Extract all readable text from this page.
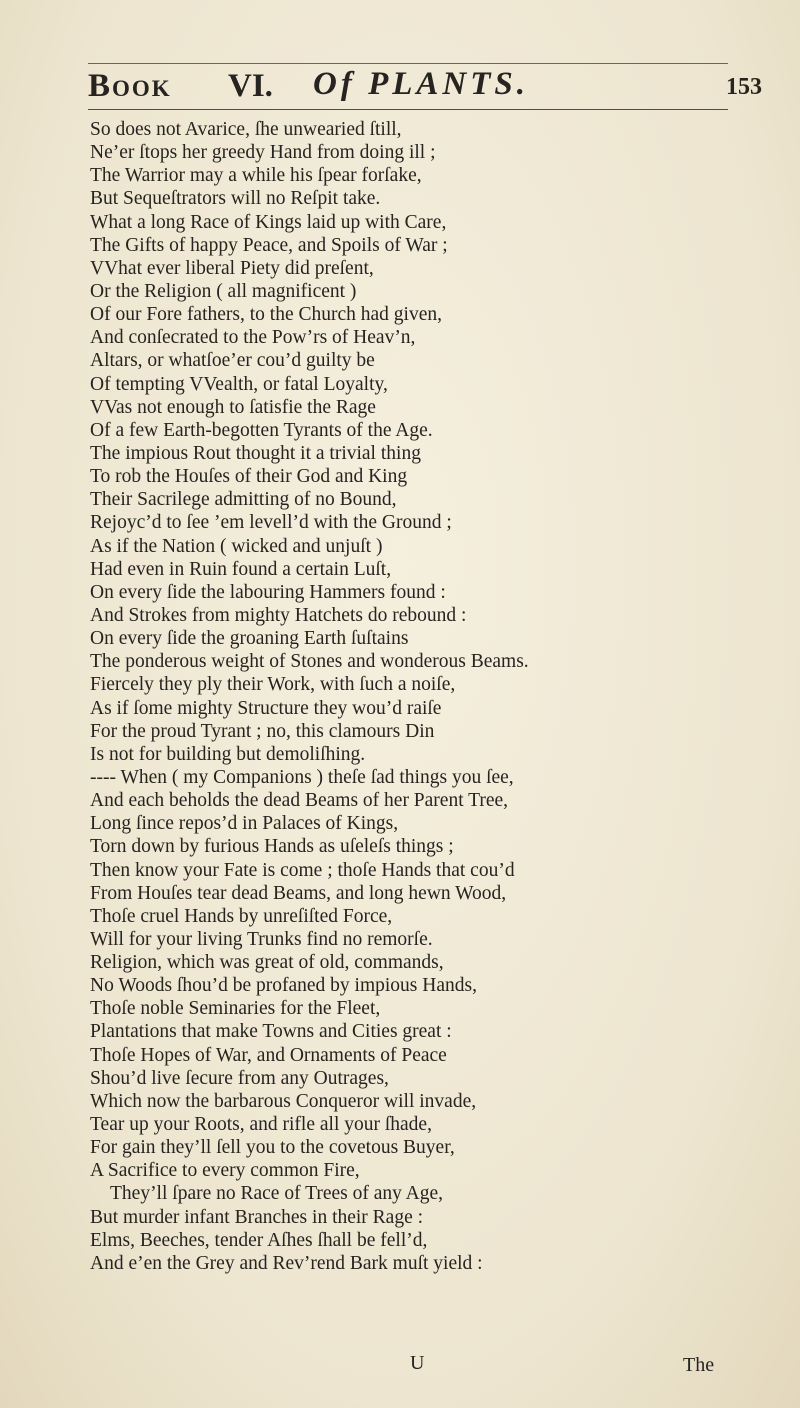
Book VI. Of PLANTS.	153
So does not Avarice, ſhe unwearied ſtill,
Ne’er ſtops her greedy Hand from doing ill ;
The Warrior may a while his ſpear forſake,
But Sequeſtrators will no Reſpit take.
What a long Race of Kings laid up with Care,
The Gifts of happy Peace, and Spoils of War ;
VVhat ever liberal Piety did preſent,
Or the Religion ( all magnificent )
Of our Fore fathers, to the Church had given,
And conſecrated to the Pow’rs of Heav’n,
Altars, or whatſoe’er cou’d guilty be
Of tempting VVealth, or fatal Loyalty,
VVas not enough to ſatisfie the Rage
Of a few Earth-begotten Tyrants of the Age.
The impious Rout thought it a trivial thing
To rob the Houſes of their God and King
Their Sacrilege admitting of no Bound,
Rejoyc’d to ſee ’em levell’d with the Ground ;
As if the Nation ( wicked and unjuſt )
Had even in Ruin found a certain Luſt,
On every ſide the labouring Hammers found :
And Strokes from mighty Hatchets do rebound :
On every ſide the groaning Earth ſuſtains
The ponderous weight of Stones and wonderous Beams.
Fiercely they ply their Work, with ſuch a noiſe,
As if ſome mighty Structure they wou’d raiſe
For the proud Tyrant ; no, this clamours Din
Is not for building but demoliſhing.
---- When ( my Companions ) theſe ſad things you ſee,
And each beholds the dead Beams of her Parent Tree,
Long ſince repos’d in Palaces of Kings,
Torn down by furious Hands as uſeleſs things ;
Then know your Fate is come ; thoſe Hands that cou’d
From Houſes tear dead Beams, and long hewn Wood,
Thoſe cruel Hands by unreſiſted Force,
Will for your living Trunks find no remorſe.
Religion, which was great of old, commands,
No Woods ſhou’d be profaned by impious Hands,
Thoſe noble Seminaries for the Fleet,
Plantations that make Towns and Cities great :
Thoſe Hopes of War, and Ornaments of Peace
Shou’d live ſecure from any Outrages,
Which now the barbarous Conqueror will invade,
Tear up your Roots, and rifle all your ſhade,
For gain they’ll ſell you to the covetous Buyer,
A Sacrifice to every common Fire,
They’ll ſpare no Race of Trees of any Age,
But murder infant Branches in their Rage :
Elms, Beeches, tender Aſhes ſhall be fell’d,
And e’en the Grey and Rev’rend Bark muſt yield :
U	The
